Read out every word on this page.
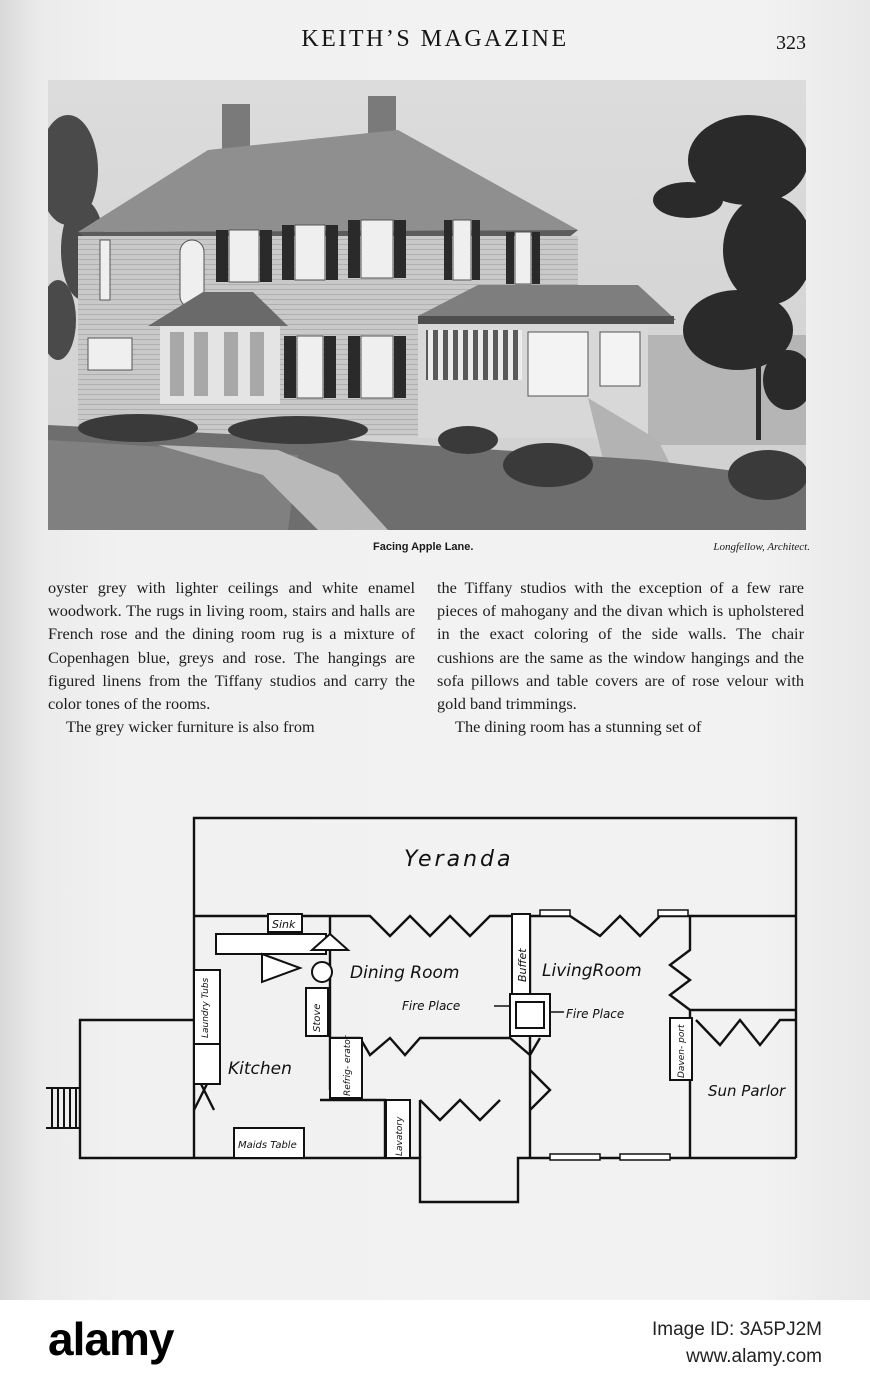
KEITH’S MAGAZINE	323
Facing Apple Lane.	Longfellow, Architect.

oyster grey with lighter ceilings and white enamel woodwork. The rugs in living room, stairs and halls are French rose and the dining room rug is a mixture of Copenhagen blue, greys and rose. The hangings are figured linens from the Tiffany studios and carry the color tones of the rooms.

The grey wicker furniture is also from

the Tiffany studios with the exception of a few rare pieces of mahogany and the divan which is upholstered in the exact coloring of the side walls. The chair cushions are the same as the window hangings and the sofa pillows and table covers are of rose velour with gold band trimmings.

The dining room has a stunning set of

Yeranda
Sink
Dining Room	Buffet LivingRoom
Fire Place
Fire Place
Laundry Tubs	Stove
Kitchen	Refrig- erator	Daven- port
Sun Parlor
Maids Table	Lavatory
alamy	Image ID: 3A5PJ2M
www.alamy.com
